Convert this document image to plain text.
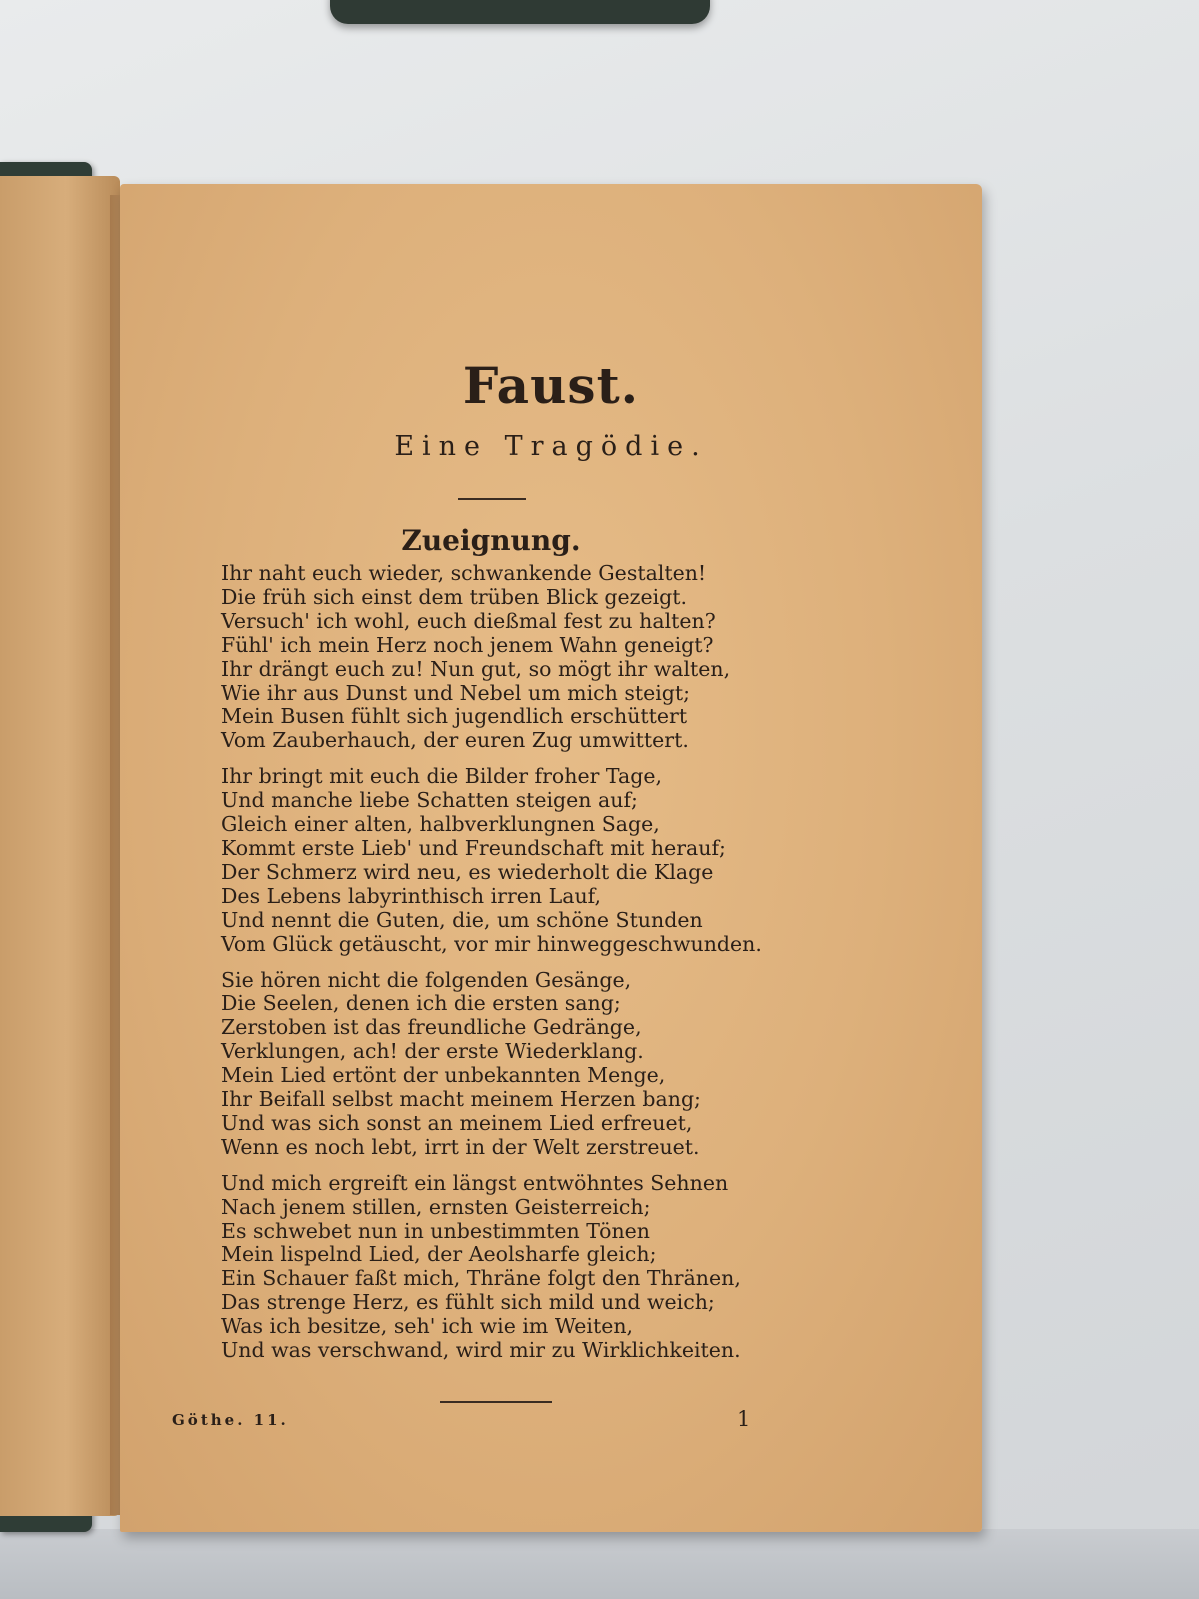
Faust.
Eine Tragödie.
Zueignung.
Ihr naht euch wieder, schwankende Gestalten!
Die früh sich einst dem trüben Blick gezeigt.
Versuch' ich wohl, euch dießmal fest zu halten?
Fühl' ich mein Herz noch jenem Wahn geneigt?
Ihr drängt euch zu! Nun gut, so mögt ihr walten,
Wie ihr aus Dunst und Nebel um mich steigt;
Mein Busen fühlt sich jugendlich erschüttert
Vom Zauberhauch, der euren Zug umwittert.
Ihr bringt mit euch die Bilder froher Tage,
Und manche liebe Schatten steigen auf;
Gleich einer alten, halbverklungnen Sage,
Kommt erste Lieb' und Freundschaft mit herauf;
Der Schmerz wird neu, es wiederholt die Klage
Des Lebens labyrinthisch irren Lauf,
Und nennt die Guten, die, um schöne Stunden
Vom Glück getäuscht, vor mir hinweggeschwunden.
Sie hören nicht die folgenden Gesänge,
Die Seelen, denen ich die ersten sang;
Zerstoben ist das freundliche Gedränge,
Verklungen, ach! der erste Wiederklang.
Mein Lied ertönt der unbekannten Menge,
Ihr Beifall selbst macht meinem Herzen bang;
Und was sich sonst an meinem Lied erfreuet,
Wenn es noch lebt, irrt in der Welt zerstreuet.
Und mich ergreift ein längst entwöhntes Sehnen
Nach jenem stillen, ernsten Geisterreich;
Es schwebet nun in unbestimmten Tönen
Mein lispelnd Lied, der Aeolsharfe gleich;
Ein Schauer faßt mich, Thräne folgt den Thränen,
Das strenge Herz, es fühlt sich mild und weich;
Was ich besitze, seh' ich wie im Weiten,
Und was verschwand, wird mir zu Wirklichkeiten.
Göthe. 11.	1
